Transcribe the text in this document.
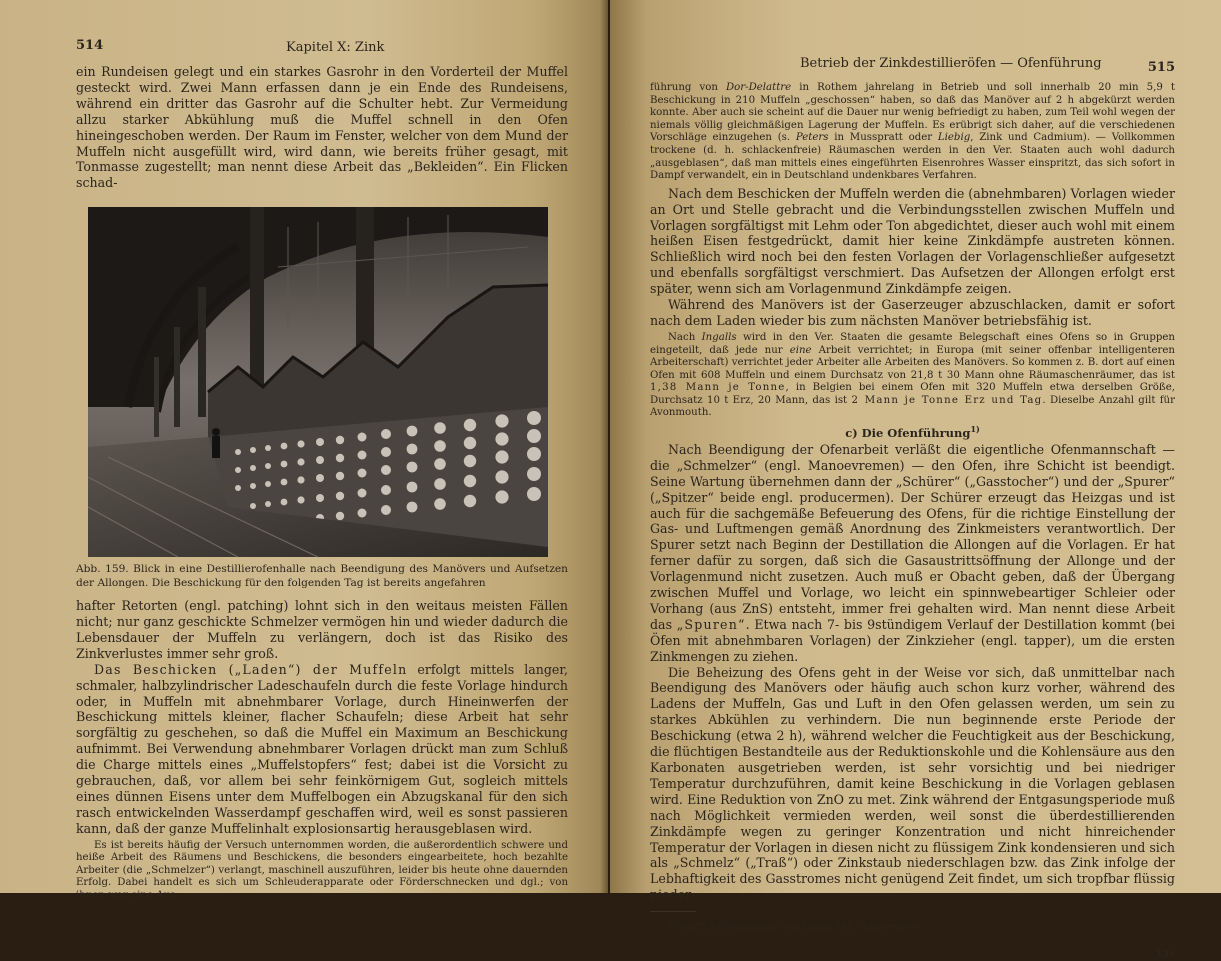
514	Kapitel X: Zink

ein Rundeisen gelegt und ein starkes Gasrohr in den Vorderteil der Muffel gesteckt wird. Zwei Mann erfassen dann je ein Ende des Rundeisens, während ein dritter das Gasrohr auf die Schulter hebt. Zur Vermeidung allzu starker Abkühlung muß die Muffel schnell in den Ofen hineingeschoben werden. Der Raum im Fenster, welcher von dem Mund der Muffeln nicht ausgefüllt wird, wird dann, wie bereits früher gesagt, mit Tonmasse zugestellt; man nennt diese Arbeit das „Bekleiden“. Ein Flicken schad-

Abb. 159. Blick in eine Destillierofenhalle nach Beendigung des Manövers und Aufsetzen der Allongen. Die Beschickung für den folgenden Tag ist bereits angefahren

hafter Retorten (engl. patching) lohnt sich in den weitaus meisten Fällen nicht; nur ganz geschickte Schmelzer vermögen hin und wieder dadurch die Lebensdauer der Muffeln zu verlängern, doch ist das Risiko des Zinkverlustes immer sehr groß.

Das Beschicken („Laden“) der Muffeln erfolgt mittels langer, schmaler, halbzylindrischer Ladeschaufeln durch die feste Vorlage hindurch oder, in Muffeln mit abnehmbarer Vorlage, durch Hineinwerfen der Beschickung mittels kleiner, flacher Schaufeln; diese Arbeit hat sehr sorgfältig zu geschehen, so daß die Muffel ein Maximum an Beschickung aufnimmt. Bei Verwendung abnehmbarer Vorlagen drückt man zum Schluß die Charge mittels eines „Muffelstopfers“ fest; dabei ist die Vorsicht zu gebrauchen, daß, vor allem bei sehr feinkörnigem Gut, sogleich mittels eines dünnen Eisens unter dem Muffelbogen ein Abzugskanal für den sich rasch entwickelnden Wasserdampf geschaffen wird, weil es sonst passieren kann, daß der ganze Muffelinhalt explosionsartig herausgeblasen wird.

Es ist bereits häufig der Versuch unternommen worden, die außerordentlich schwere und heiße Arbeit des Räumens und Beschickens, die besonders eingearbeitete, hoch bezahlte Arbeiter (die „Schmelzer“) verlangt, maschinell auszuführen, leider bis heute ohne dauernden Erfolg. Dabei handelt es sich um Schleuderapparate oder Förderschnecken und dgl.; von ihnen war eine Aus-

Betrieb der Zinkdestillieröfen — Ofenführung	515

führung von Dor-Delattre in Rothem jahrelang in Betrieb und soll innerhalb 20 min 5,9 t Beschickung in 210 Muffeln „geschossen“ haben, so daß das Manöver auf 2 h abgekürzt werden konnte. Aber auch sie scheint auf die Dauer nur wenig befriedigt zu haben, zum Teil wohl wegen der niemals völlig gleichmäßigen Lagerung der Muffeln. Es erübrigt sich daher, auf die verschiedenen Vorschläge einzugehen (s. Peters in Musspratt oder Liebig, Zink und Cadmium). — Vollkommen trockene (d. h. schlackenfreie) Räumaschen werden in den Ver. Staaten auch wohl dadurch „ausgeblasen“, daß man mittels eines eingeführten Eisenrohres Wasser einspritzt, das sich sofort in Dampf verwandelt, ein in Deutschland undenkbares Verfahren.

Nach dem Beschicken der Muffeln werden die (abnehmbaren) Vorlagen wieder an Ort und Stelle gebracht und die Verbindungsstellen zwischen Muffeln und Vorlagen sorgfältigst mit Lehm oder Ton abgedichtet, dieser auch wohl mit einem heißen Eisen festgedrückt, damit hier keine Zinkdämpfe austreten können. Schließlich wird noch bei den festen Vorlagen der Vorlagenschließer aufgesetzt und ebenfalls sorgfältigst verschmiert. Das Aufsetzen der Allongen erfolgt erst später, wenn sich am Vorlagenmund Zinkdämpfe zeigen.

Während des Manövers ist der Gaserzeuger abzuschlacken, damit er sofort nach dem Laden wieder bis zum nächsten Manöver betriebsfähig ist.

Nach Ingalls wird in den Ver. Staaten die gesamte Belegschaft eines Ofens so in Gruppen eingeteilt, daß jede nur eine Arbeit verrichtet; in Europa (mit seiner offenbar intelligenteren Arbeiterschaft) verrichtet jeder Arbeiter alle Arbeiten des Manövers. So kommen z. B. dort auf einen Ofen mit 608 Muffeln und einem Durchsatz von 21,8 t 30 Mann ohne Räumaschenräumer, das ist 1,38 Mann je Tonne, in Belgien bei einem Ofen mit 320 Muffeln etwa derselben Größe, Durchsatz 10 t Erz, 20 Mann, das ist 2 Mann je Tonne Erz und Tag. Dieselbe Anzahl gilt für Avonmouth.

c) Die Ofenführung$^{1)}$

Nach Beendigung der Ofenarbeit verläßt die eigentliche Ofenmannschaft — die „Schmelzer“ (engl. Manoevremen) — den Ofen, ihre Schicht ist beendigt. Seine Wartung übernehmen dann der „Schürer“ („Gasstocher“) und der „Spurer“ („Spitzer“ beide engl. producermen). Der Schürer erzeugt das Heizgas und ist auch für die sachgemäße Befeuerung des Ofens, für die richtige Einstellung der Gas- und Luftmengen gemäß Anordnung des Zinkmeisters verantwortlich. Der Spurer setzt nach Beginn der Destillation die Allongen auf die Vorlagen. Er hat ferner dafür zu sorgen, daß sich die Gasaustrittsöffnung der Allonge und der Vorlagenmund nicht zusetzen. Auch muß er Obacht geben, daß der Übergang zwischen Muffel und Vorlage, wo leicht ein spinnwebeartiger Schleier oder Vorhang (aus ZnS) entsteht, immer frei gehalten wird. Man nennt diese Arbeit das „Spuren“. Etwa nach 7- bis 9stündigem Verlauf der Destillation kommt (bei Öfen mit abnehmbaren Vorlagen) der Zinkzieher (engl. tapper), um die ersten Zinkmengen zu ziehen.

Die Beheizung des Ofens geht in der Weise vor sich, daß unmittelbar nach Beendigung des Manövers oder häufig auch schon kurz vorher, während des Ladens der Muffeln, Gas und Luft in den Ofen gelassen werden, um sein zu starkes Abkühlen zu verhindern. Die nun beginnende erste Periode der Beschickung (etwa 2 h), während welcher die Feuchtigkeit aus der Beschickung, die flüchtigen Bestandteile aus der Reduktionskohle und die Kohlensäure aus den Karbonaten ausgetrieben werden, ist sehr vorsichtig und bei niedriger Temperatur durchzuführen, damit keine Beschickung in die Vorlagen geblasen wird. Eine Reduktion von ZnO zu met. Zink während der Entgasungsperiode muß nach Möglichkeit vermieden werden, weil sonst die überdestillierenden Zinkdämpfe wegen zu geringer Konzentration und nicht hinreichender Temperatur der Vorlagen in diesen nicht zu flüssigem Zink kondensieren und sich als „Schmelz“ („Traß“) oder Zinkstaub niederschlagen bzw. das Zink infolge der Lebhaftigkeit des Gasstromes nicht genügend Zeit findet, um sich tropfbar flüssig nieder-

$^{1)}$ Nach Mitteilungen von Herrn Dir. Oppermann.

33*
